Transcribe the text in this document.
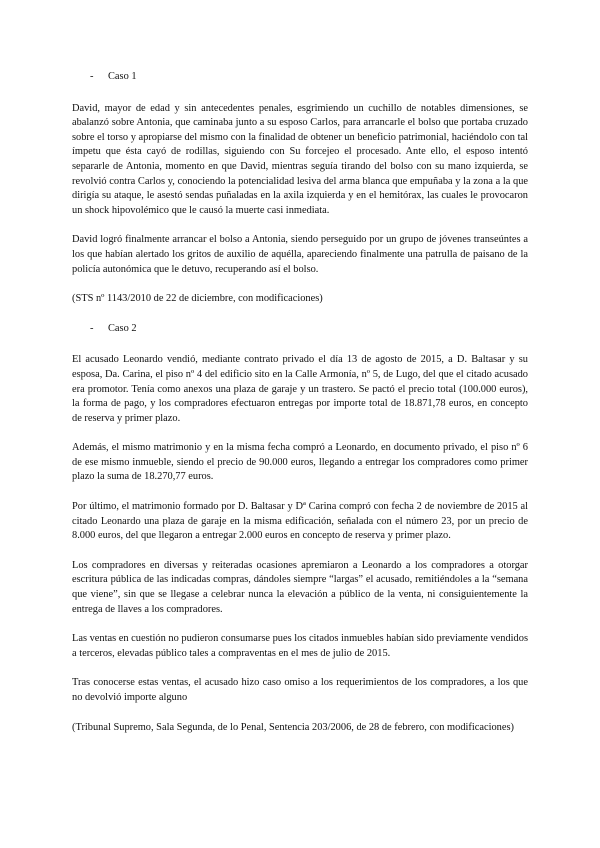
- Caso 1

David, mayor de edad y sin antecedentes penales, esgrimiendo un cuchillo de notables dimensiones, se abalanzó sobre Antonia, que caminaba junto a su esposo Carlos, para arrancarle el bolso que portaba cruzado sobre el torso y apropiarse del mismo con la finalidad de obtener un beneficio patrimonial, haciéndolo con tal ímpetu que ésta cayó de rodillas, siguiendo con Su forcejeo el procesado. Ante ello, el esposo intentó separarle de Antonia, momento en que David, mientras seguía tirando del bolso con su mano izquierda, se revolvió contra Carlos y, conociendo la potencialidad lesiva del arma blanca que empuñaba y la zona a la que dirigía su ataque, le asestó sendas puñaladas en la axila izquierda y en el hemitórax, las cuales le provocaron un shock hipovolémico que le causó la muerte casi inmediata.

David logró finalmente arrancar el bolso a Antonia, siendo perseguido por un grupo de jóvenes transeúntes a los que habían alertado los gritos de auxilio de aquélla, apareciendo finalmente una patrulla de paisano de la policía autonómica que le detuvo, recuperando así el bolso.

(STS nº 1143/2010 de 22 de diciembre, con modificaciones)

- Caso 2

El acusado Leonardo vendió, mediante contrato privado el día 13 de agosto de 2015, a D. Baltasar y su esposa, Da. Carina, el piso nº 4 del edificio sito en la Calle Armonía, nº 5, de Lugo, del que el citado acusado era promotor. Tenía como anexos una plaza de garaje y un trastero. Se pactó el precio total (100.000 euros), la forma de pago, y los compradores efectuaron entregas por importe total de 18.871,78 euros, en concepto de reserva y primer plazo.

Además, el mismo matrimonio y en la misma fecha compró a Leonardo, en documento privado, el piso nº 6 de ese mismo inmueble, siendo el precio de 90.000 euros, llegando a entregar los compradores como primer plazo la suma de 18.270,77 euros.

Por último, el matrimonio formado por D. Baltasar y Dª Carina compró con fecha 2 de noviembre de 2015 al citado Leonardo una plaza de garaje en la misma edificación, señalada con el número 23, por un precio de 8.000 euros, del que llegaron a entregar 2.000 euros en concepto de reserva y primer plazo.

Los compradores en diversas y reiteradas ocasiones apremiaron a Leonardo a los compradores a otorgar escritura pública de las indicadas compras, dándoles siempre “largas” el acusado, remitiéndoles a la “semana que viene”, sin que se llegase a celebrar nunca la elevación a público de la venta, ni consiguientemente la entrega de llaves a los compradores.

Las ventas en cuestión no pudieron consumarse pues los citados inmuebles habían sido previamente vendidos a terceros, elevadas público tales a compraventas en el mes de julio de 2015.

Tras conocerse estas ventas, el acusado hizo caso omiso a los requerimientos de los compradores, a los que no devolvió importe alguno

(Tribunal Supremo, Sala Segunda, de lo Penal, Sentencia 203/2006, de 28 de febrero, con modificaciones)
